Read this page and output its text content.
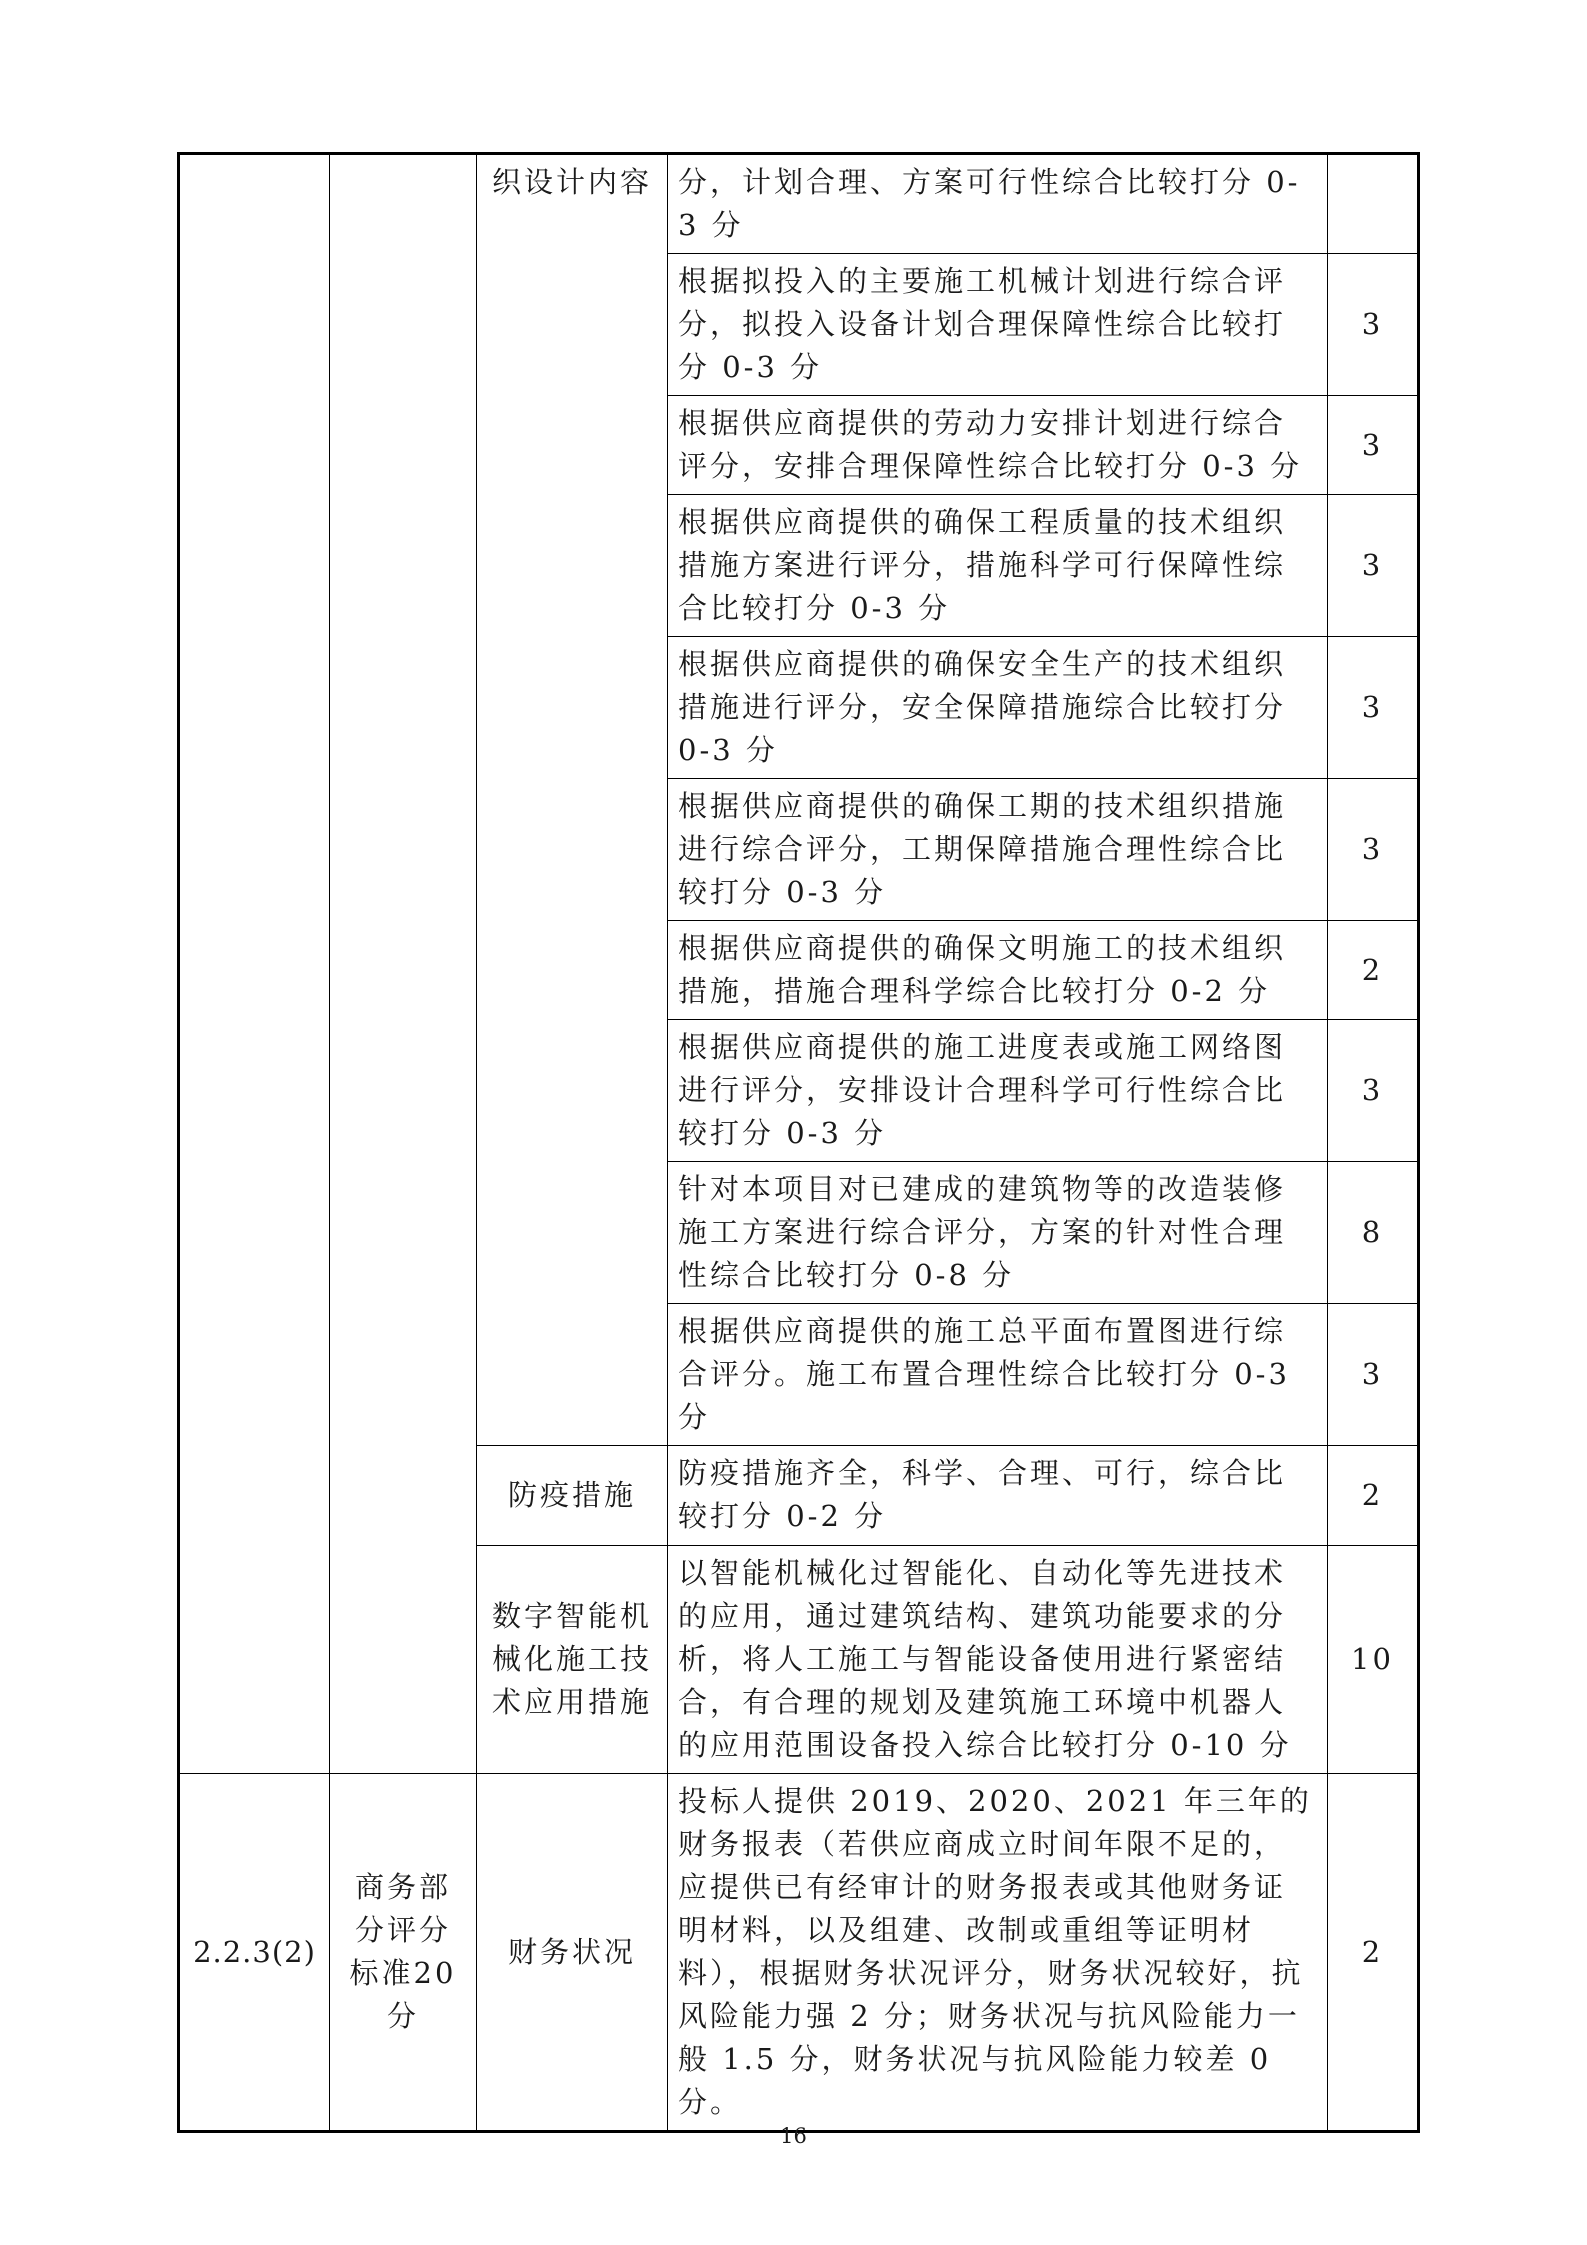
		织设计内容	分，计划合理、方案可行性综合比较打分 0-3 分	
			根据拟投入的主要施工机械计划进行综合评分，拟投入设备计划合理保障性综合比较打分 0-3 分	3
			根据供应商提供的劳动力安排计划进行综合评分，安排合理保障性综合比较打分 0-3 分	3
			根据供应商提供的确保工程质量的技术组织措施方案进行评分，措施科学可行保障性综合比较打分 0-3 分	3
			根据供应商提供的确保安全生产的技术组织措施进行评分，安全保障措施综合比较打分 0-3 分	3
			根据供应商提供的确保工期的技术组织措施进行综合评分，工期保障措施合理性综合比较打分 0-3 分	3
			根据供应商提供的确保文明施工的技术组织措施，措施合理科学综合比较打分 0-2 分	2
			根据供应商提供的施工进度表或施工网络图进行评分，安排设计合理科学可行性综合比较打分 0-3 分	3
			针对本项目对已建成的建筑物等的改造装修施工方案进行综合评分，方案的针对性合理性综合比较打分 0-8 分	8
			根据供应商提供的施工总平面布置图进行综合评分。施工布置合理性综合比较打分 0-3 分	3
		防疫措施	防疫措施齐全，科学、合理、可行，综合比较打分 0-2 分	2
		数字智能机械化施工技术应用措施	以智能机械化过智能化、自动化等先进技术的应用，通过建筑结构、建筑功能要求的分析，将人工施工与智能设备使用进行紧密结合，有合理的规划及建筑施工环境中机器人的应用范围设备投入综合比较打分 0-10 分	10
2.2.3(2)	商务部分评分标准20 分	财务状况	投标人提供 2019、2020、2021 年三年的财务报表（若供应商成立时间年限不足的，应提供已有经审计的财务报表或其他财务证明材料，以及组建、改制或重组等证明材料），根据财务状况评分，财务状况较好，抗风险能力强 2 分；财务状况与抗风险能力一般 1.5 分，财务状况与抗风险能力较差 0 分。	2
16
